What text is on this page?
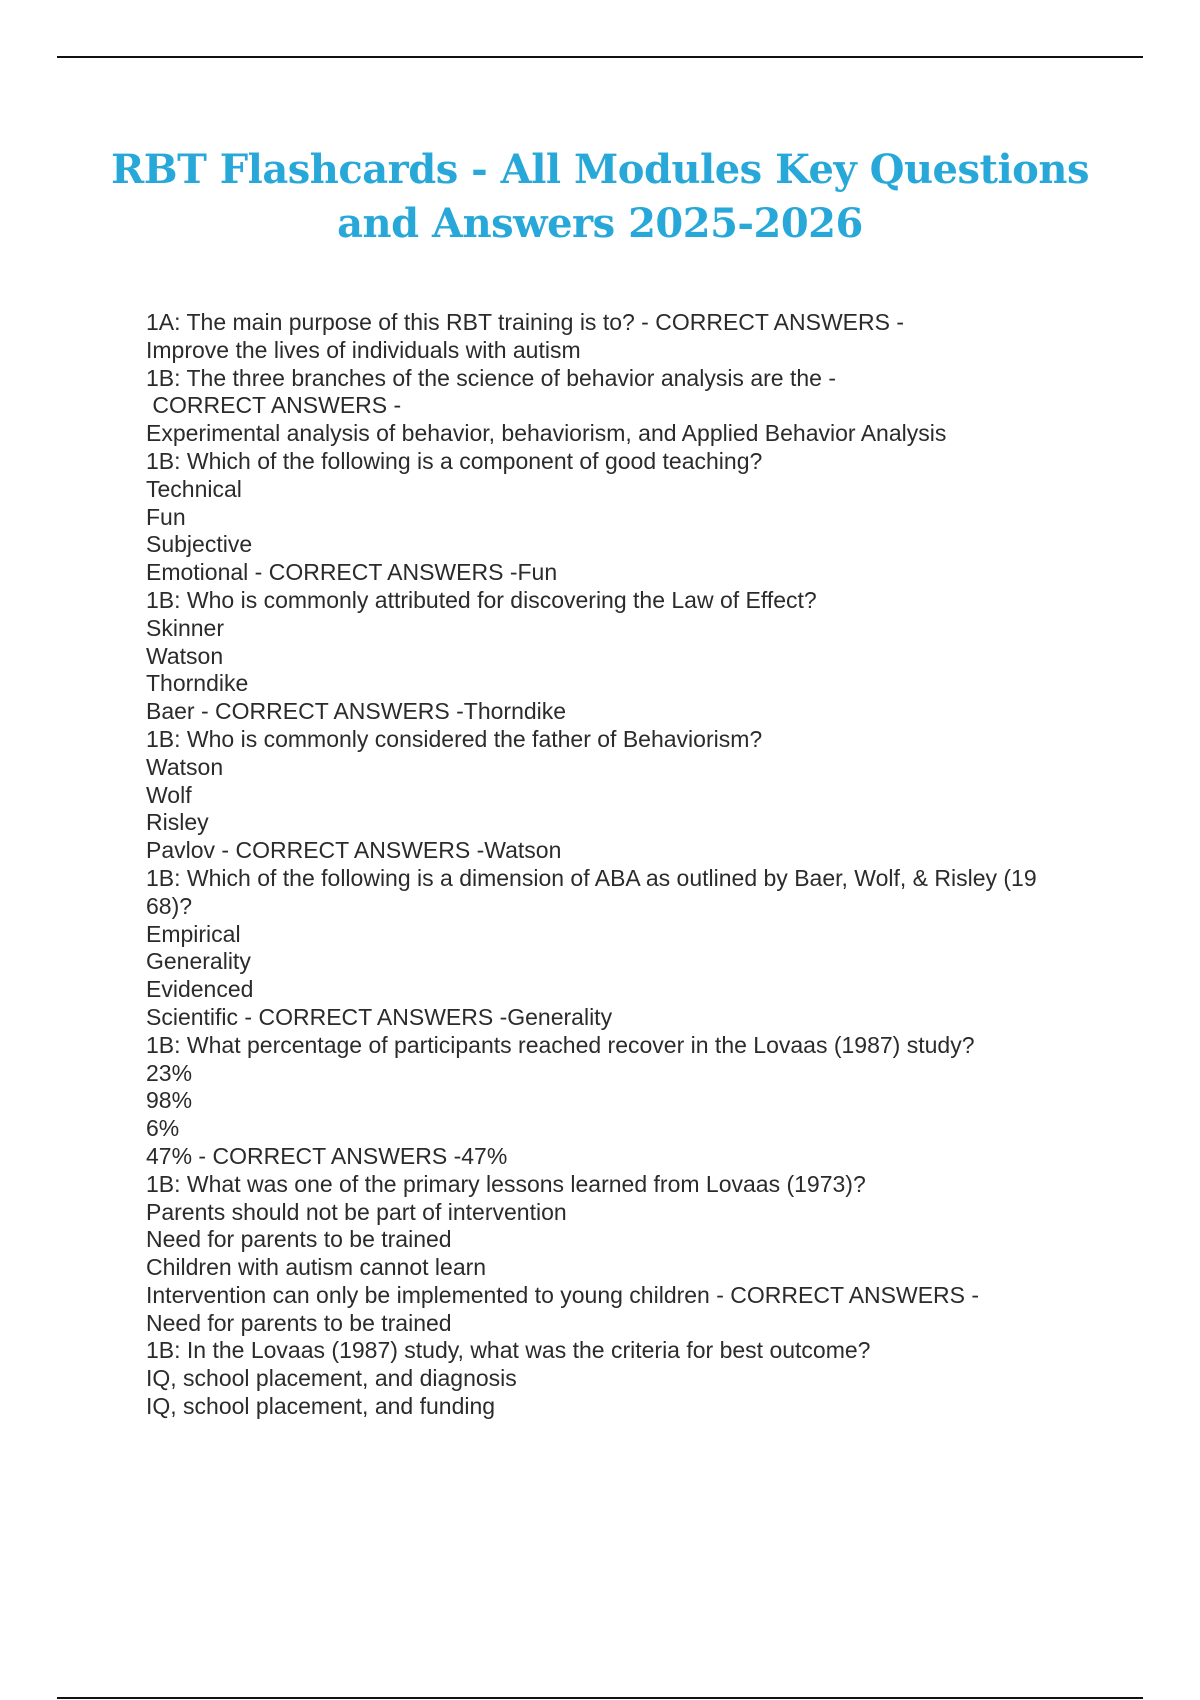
RBT Flashcards - All Modules Key Questions
and Answers 2025-2026
1A: The main purpose of this RBT training is to? - CORRECT ANSWERS -
Improve the lives of individuals with autism
1B: The three branches of the science of behavior analysis are the -
CORRECT ANSWERS -
Experimental analysis of behavior, behaviorism, and Applied Behavior Analysis
1B: Which of the following is a component of good teaching?
Technical
Fun
Subjective
Emotional - CORRECT ANSWERS -Fun
1B: Who is commonly attributed for discovering the Law of Effect?
Skinner
Watson
Thorndike
Baer - CORRECT ANSWERS -Thorndike
1B: Who is commonly considered the father of Behaviorism?
Watson
Wolf
Risley
Pavlov - CORRECT ANSWERS -Watson
1B: Which of the following is a dimension of ABA as outlined by Baer, Wolf, & Risley (19
68)?
Empirical
Generality
Evidenced
Scientific - CORRECT ANSWERS -Generality
1B: What percentage of participants reached recover in the Lovaas (1987) study?
23%
98%
6%
47% - CORRECT ANSWERS -47%
1B: What was one of the primary lessons learned from Lovaas (1973)?
Parents should not be part of intervention
Need for parents to be trained
Children with autism cannot learn
Intervention can only be implemented to young children - CORRECT ANSWERS -
Need for parents to be trained
1B: In the Lovaas (1987) study, what was the criteria for best outcome?
IQ, school placement, and diagnosis
IQ, school placement, and funding
